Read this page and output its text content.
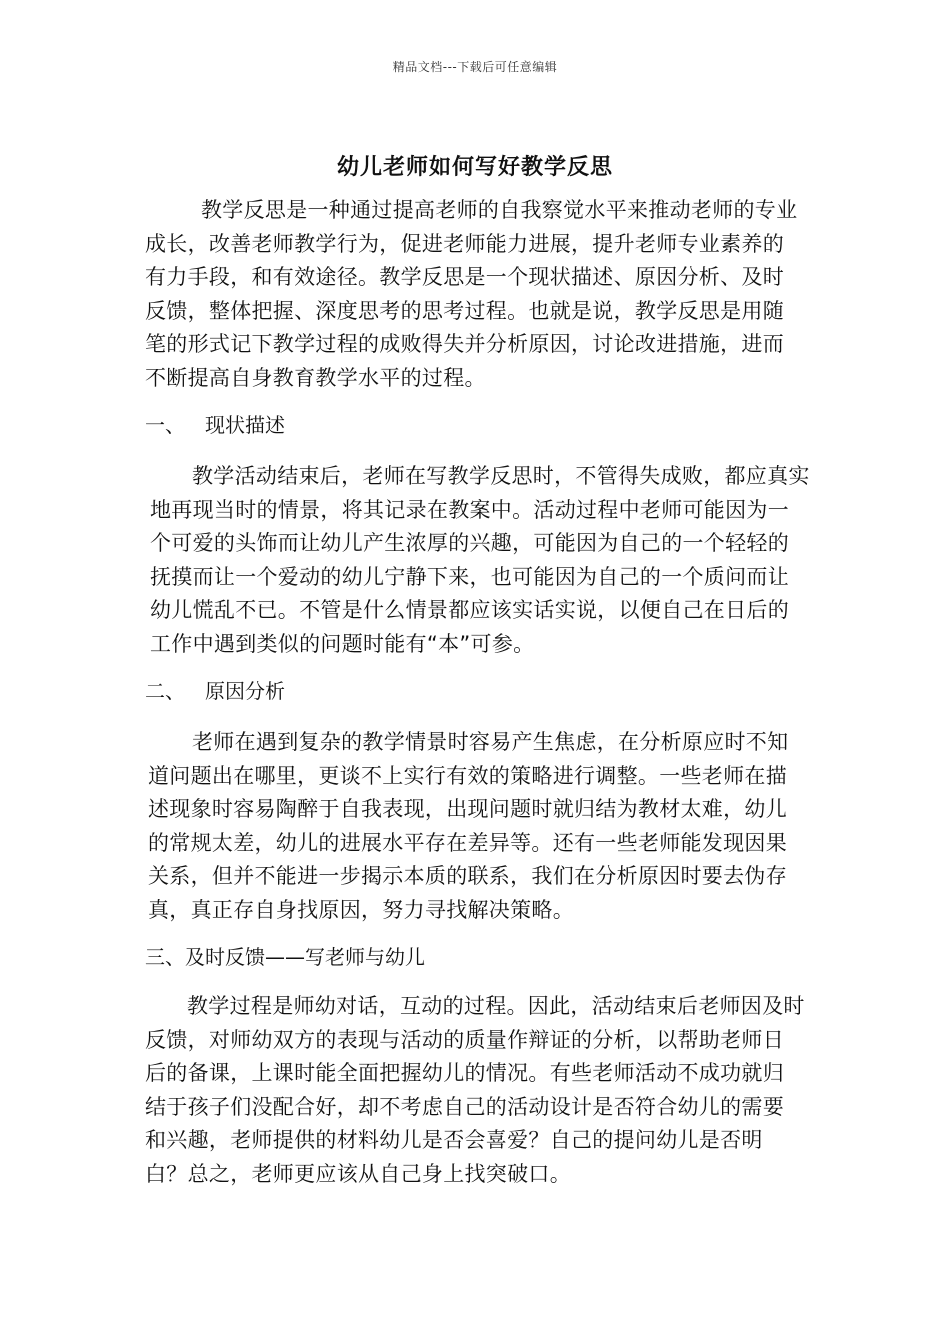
精品文档---下载后可任意编辑
幼儿老师如何写好教学反思
教学反思是一种通过提高老师的自我察觉水平来推动老师的专业成长，改善老师教学行为，促进老师能力进展，提升老师专业素养的有力手段，和有效途径。教学反思是一个现状描述、原因分析、及时反馈，整体把握、深度思考的思考过程。也就是说，教学反思是用随笔的形式记下教学过程的成败得失并分析原因，讨论改进措施，进而不断提高自身教育教学水平的过程。
一、 现状描述
教学活动结束后，老师在写教学反思时，不管得失成败，都应真实地再现当时的情景，将其记录在教案中。活动过程中老师可能因为一个可爱的头饰而让幼儿产生浓厚的兴趣，可能因为自己的一个轻轻的抚摸而让一个爱动的幼儿宁静下来，也可能因为自己的一个质问而让幼儿慌乱不已。不管是什么情景都应该实话实说，以便自己在日后的工作中遇到类似的问题时能有“本”可参。
二、 原因分析
老师在遇到复杂的教学情景时容易产生焦虑，在分析原应时不知道问题出在哪里，更谈不上实行有效的策略进行调整。一些老师在描述现象时容易陶醉于自我表现，出现问题时就归结为教材太难，幼儿的常规太差，幼儿的进展水平存在差异等。还有一些老师能发现因果关系，但并不能进一步揭示本质的联系，我们在分析原因时要去伪存真，真正存自身找原因，努力寻找解决策略。
三、及时反馈——写老师与幼儿
教学过程是师幼对话，互动的过程。因此，活动结束后老师因及时反馈，对师幼双方的表现与活动的质量作辩证的分析，以帮助老师日后的备课，上课时能全面把握幼儿的情况。有些老师活动不成功就归结于孩子们没配合好，却不考虑自己的活动设计是否符合幼儿的需要和兴趣，老师提供的材料幼儿是否会喜爱？自己的提问幼儿是否明白？总之，老师更应该从自己身上找突破口。
